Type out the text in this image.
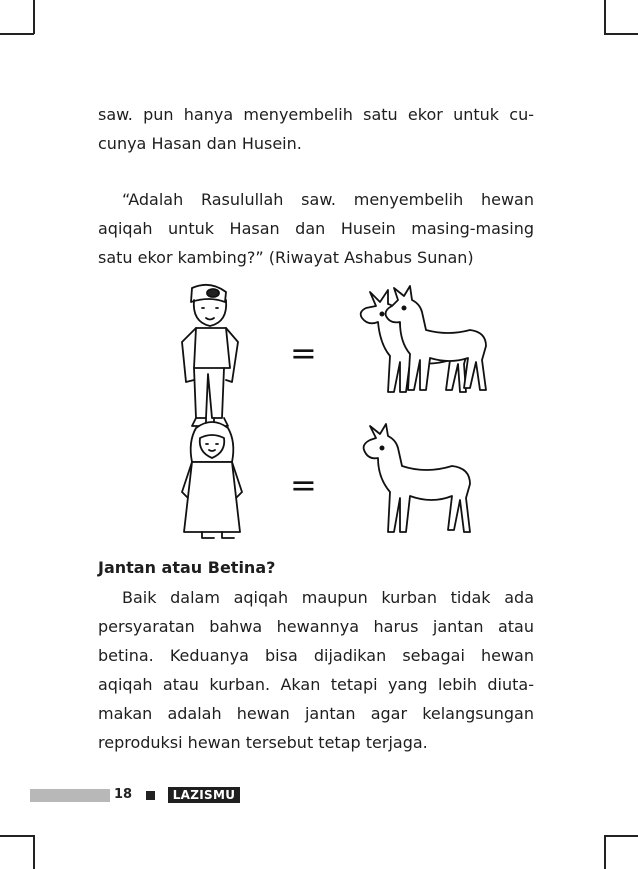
saw. pun hanya menyembelih satu ekor untuk cu-
cunya Hasan dan Husein.

“Adalah Rasulullah saw. menyembelih hewan
aqiqah untuk Hasan dan Husein masing-masing
satu ekor kambing?” (Riwayat Ashabus Sunan)

=
=
Jantan atau Betina?

Baik dalam aqiqah maupun kurban tidak ada
persyaratan bahwa hewannya harus jantan atau
betina. Keduanya bisa dijadikan sebagai hewan
aqiqah atau kurban. Akan tetapi yang lebih diuta-
makan adalah hewan jantan agar kelangsungan
reproduksi hewan tersebut tetap terjaga.

18	LAZISMU
